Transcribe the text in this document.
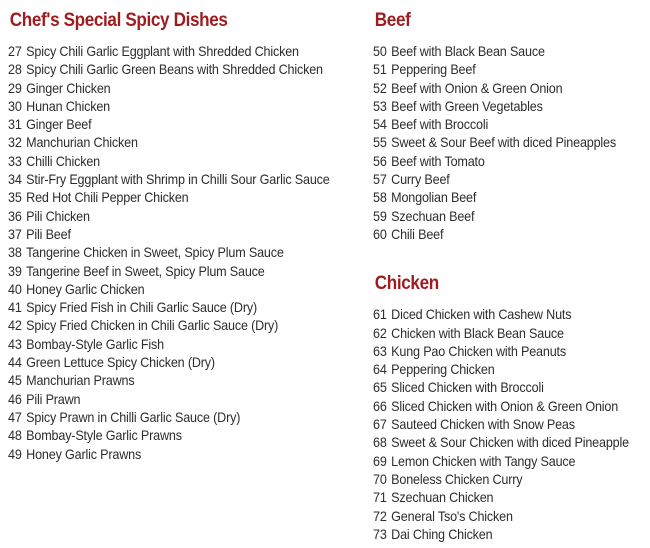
Chef's Special Spicy Dishes
27 Spicy Chili Garlic Eggplant with Shredded Chicken
28 Spicy Chili Garlic Green Beans with Shredded Chicken
29 Ginger Chicken
30 Hunan Chicken
31 Ginger Beef
32 Manchurian Chicken
33 Chilli Chicken
34 Stir-Fry Eggplant with Shrimp in Chilli Sour Garlic Sauce
35 Red Hot Chili Pepper Chicken
36 Pili Chicken
37 Pili Beef
38 Tangerine Chicken in Sweet, Spicy Plum Sauce
39 Tangerine Beef in Sweet, Spicy Plum Sauce
40 Honey Garlic Chicken
41 Spicy Fried Fish in Chili Garlic Sauce (Dry)
42 Spicy Fried Chicken in Chili Garlic Sauce (Dry)
43 Bombay-Style Garlic Fish
44 Green Lettuce Spicy Chicken (Dry)
45 Manchurian Prawns
46 Pili Prawn
47 Spicy Prawn in Chilli Garlic Sauce (Dry)
48 Bombay-Style Garlic Prawns
49 Honey Garlic Prawns
Beef
50 Beef with Black Bean Sauce
51 Peppering Beef
52 Beef with Onion & Green Onion
53 Beef with Green Vegetables
54 Beef with Broccoli
55 Sweet & Sour Beef with diced Pineapples
56 Beef with Tomato
57 Curry Beef
58 Mongolian Beef
59 Szechuan Beef
60 Chili Beef
Chicken
61 Diced Chicken with Cashew Nuts
62 Chicken with Black Bean Sauce
63 Kung Pao Chicken with Peanuts
64 Peppering Chicken
65 Sliced Chicken with Broccoli
66 Sliced Chicken with Onion & Green Onion
67 Sauteed Chicken with Snow Peas
68 Sweet & Sour Chicken with diced Pineapple
69 Lemon Chicken with Tangy Sauce
70 Boneless Chicken Curry
71 Szechuan Chicken
72 General Tso's Chicken
73 Dai Ching Chicken
